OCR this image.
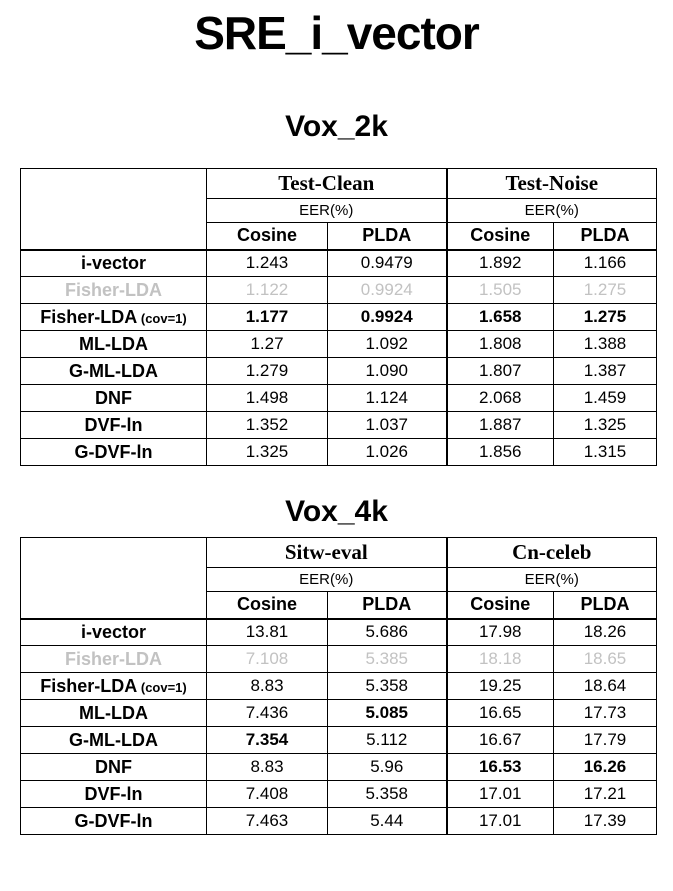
SRE_i_vector
Vox_2k
	Test-Clean		Test-Noise	
	EER(%)		EER(%)	
	Cosine	PLDA	Cosine	PLDA
i-vector	1.243	0.9479	1.892	1.166
Fisher-LDA	1.122	0.9924	1.505	1.275
Fisher-LDA (cov=1)	1.177	0.9924	1.658	1.275
ML-LDA	1.27	1.092	1.808	1.388
G-ML-LDA	1.279	1.090	1.807	1.387
DNF	1.498	1.124	2.068	1.459
DVF-ln	1.352	1.037	1.887	1.325
G-DVF-ln	1.325	1.026	1.856	1.315
Vox_4k
	Sitw-eval		Cn-celeb	
	EER(%)		EER(%)	
	Cosine	PLDA	Cosine	PLDA
i-vector	13.81	5.686	17.98	18.26
Fisher-LDA	7.108	5.385	18.18	18.65
Fisher-LDA (cov=1)	8.83	5.358	19.25	18.64
ML-LDA	7.436	5.085	16.65	17.73
G-ML-LDA	7.354	5.112	16.67	17.79
DNF	8.83	5.96	16.53	16.26
DVF-ln	7.408	5.358	17.01	17.21
G-DVF-ln	7.463	5.44	17.01	17.39
